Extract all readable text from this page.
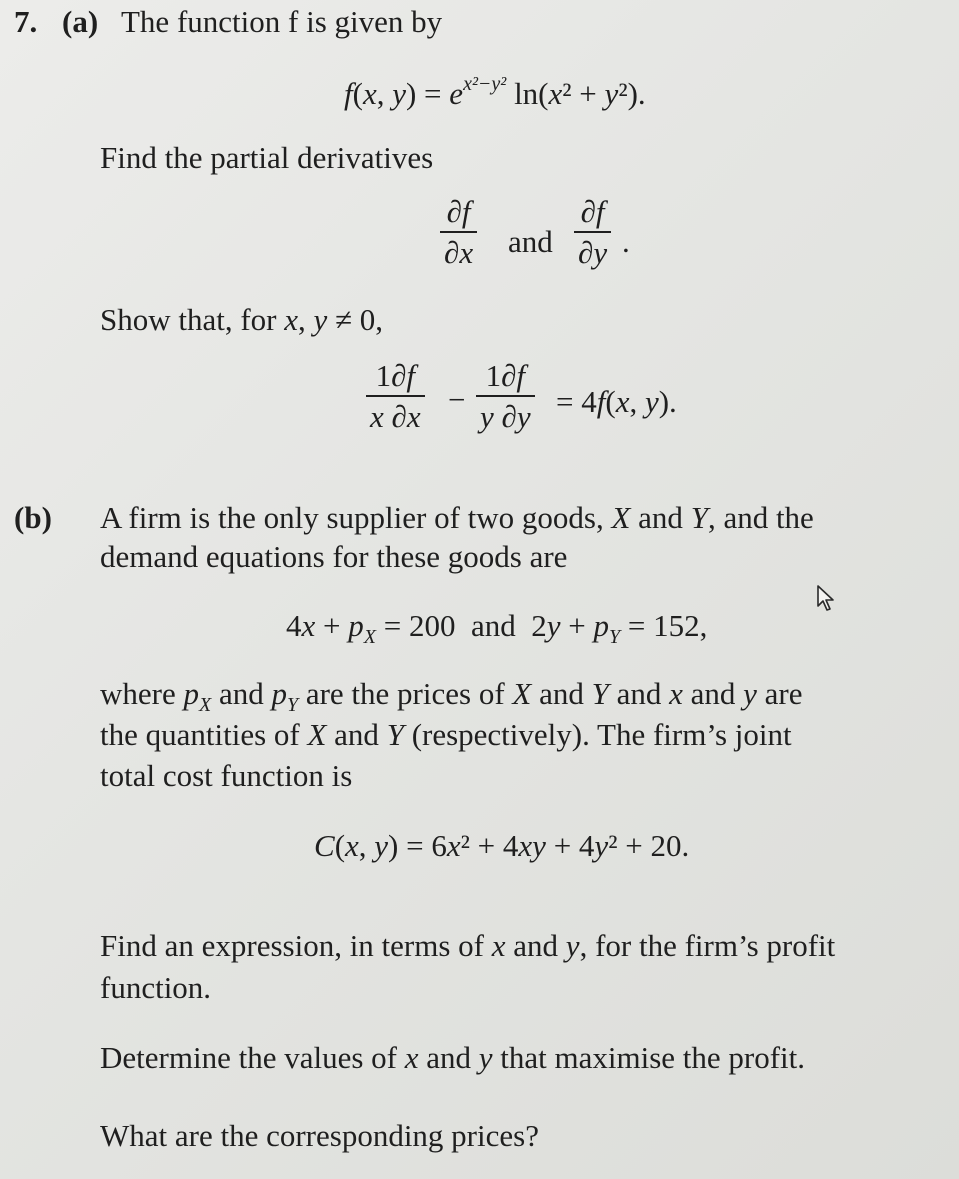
7. (a) The function f is given by
f(x, $y) = e^{x^2-y^2}$ ln(x² + y²).
Find the partial derivatives
∂f
∂x and
∂f
∂y .
Show that, for x, y ≠ 0,
1∂f
x ∂x −
1∂f
y ∂y = 4f(x, y).
(b) A firm is the only supplier of two goods, X and Y, and the
demand equations for these goods are
$4x + p_X = 200$  and  $2y + p_Y = 152$,
where $p_X$ and $p_Y$ are the prices of X and Y and x and y are
the quantities of X and Y (respectively). The firm’s joint
total cost function is
C(x, y) = 6x² + 4xy + 4y² + 20.
Find an expression, in terms of x and y, for the firm’s profit
function.
Determine the values of x and y that maximise the profit.
What are the corresponding prices?
